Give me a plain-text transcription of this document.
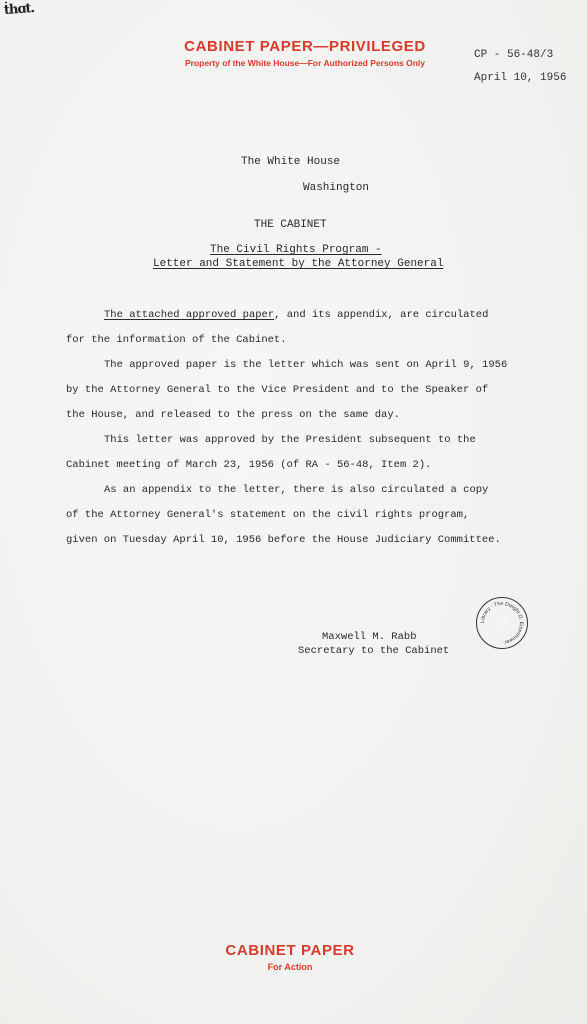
ṫhɑt.
CABINET PAPER—PRIVILEGED
Property of the White House—For Authorized Persons Only
CP - 56-48/3
April 10, 1956
The White House
Washington
THE CABINET
The Civil Rights Program -
Letter and Statement by the Attorney General
The attached approved paper, and its appendix, are circulated
for the information of the Cabinet.
The approved paper is the letter which was sent on April 9, 1956
by the Attorney General to the Vice President and to the Speaker of
the House, and released to the press on the same day.
This letter was approved by the President subsequent to the
Cabinet meeting of March 23, 1956 (of RA - 56-48, Item 2).
As an appendix to the letter, there is also circulated a copy
of the Attorney General's statement on the civil rights program,
given on Tuesday April 10, 1956 before the House Judiciary Committee.
Library · The Dwight D. Eisenhower ·
Maxwell M. Rabb
Secretary to the Cabinet
CABINET PAPER
For Action
